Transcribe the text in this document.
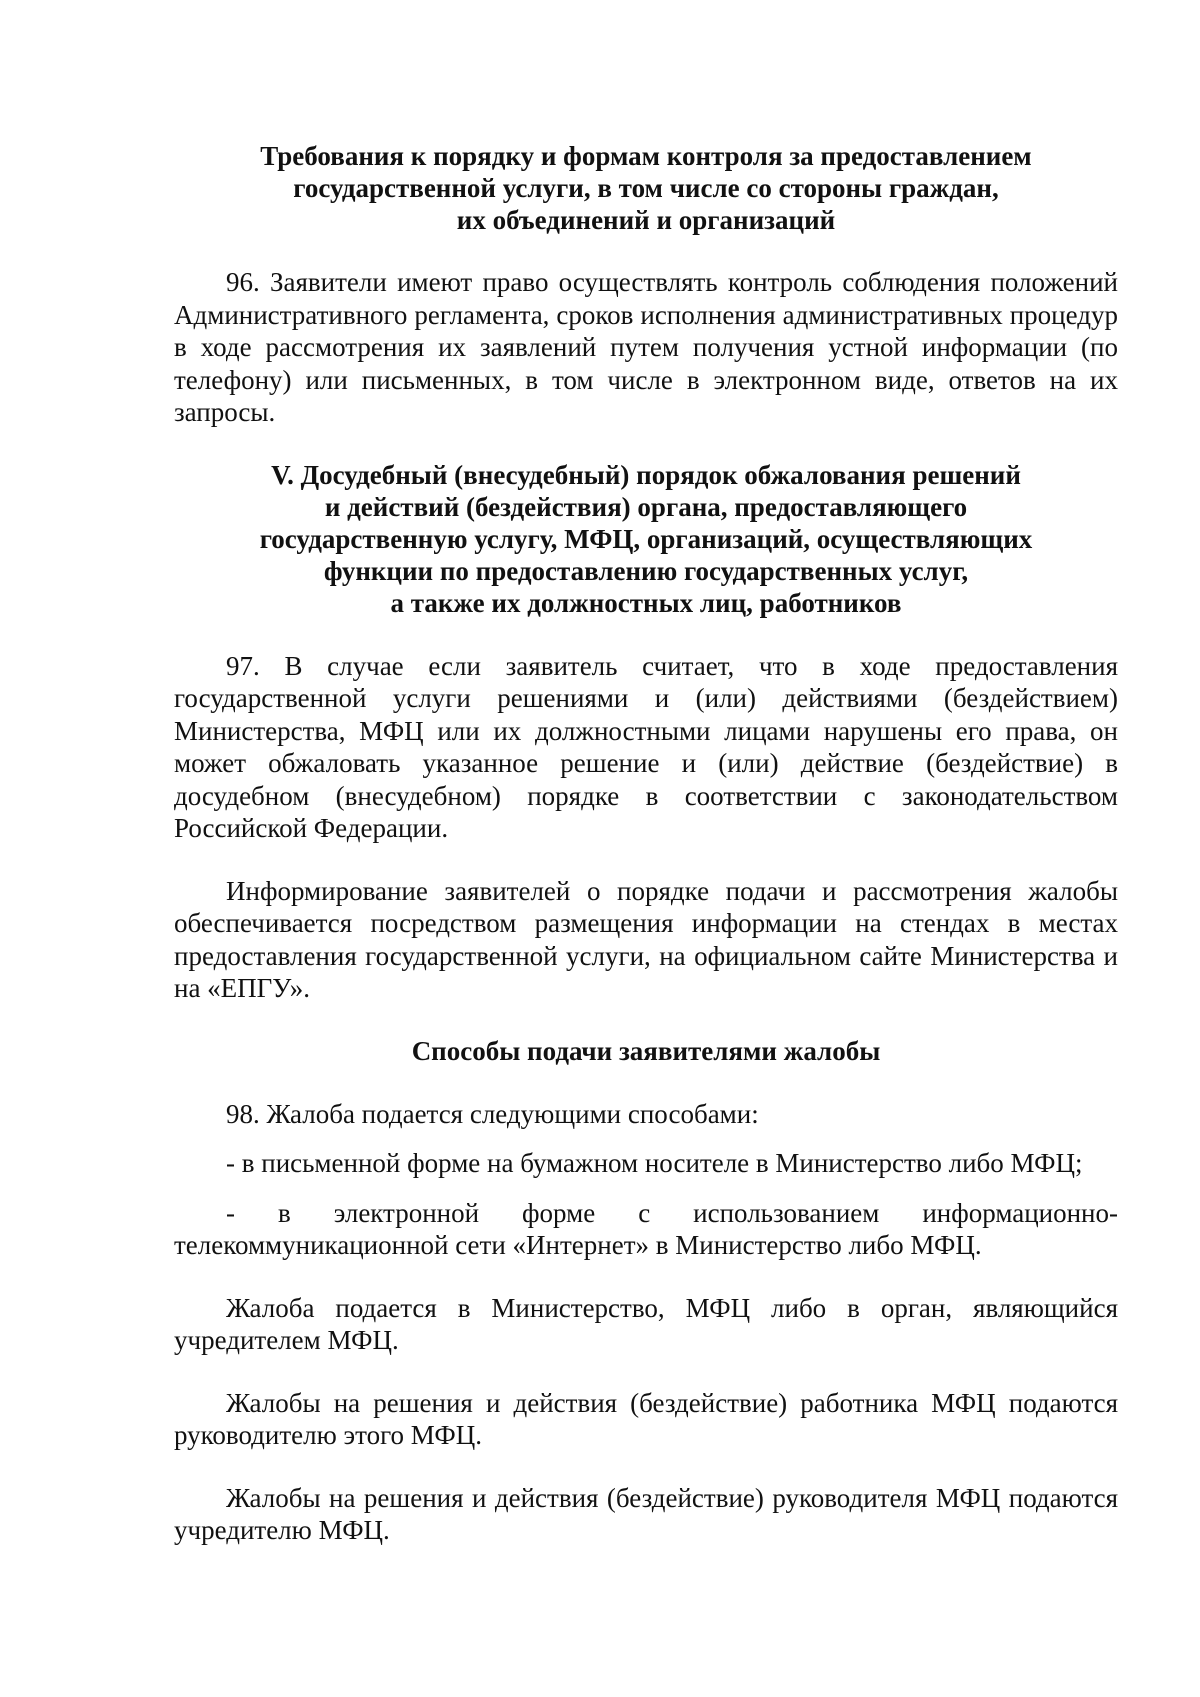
Требования к порядку и формам контроля за предоставлением
государственной услуги, в том числе со стороны граждан,
их объединений и организаций

96. Заявители имеют право осуществлять контроль соблюдения положений Административного регламента, сроков исполнения административных процедур в ходе рассмотрения их заявлений путем получения устной информации (по телефону) или письменных, в том числе в электронном виде, ответов на их запросы.

V. Досудебный (внесудебный) порядок обжалования решений
и действий (бездействия) органа, предоставляющего
государственную услугу, МФЦ, организаций, осуществляющих
функции по предоставлению государственных услуг,
а также их должностных лиц, работников

97. В случае если заявитель считает, что в ходе предоставления государственной услуги решениями и (или) действиями (бездействием) Министерства, МФЦ или их должностными лицами нарушены его права, он может обжаловать указанное решение и (или) действие (бездействие) в досудебном (внесудебном) порядке в соответствии с законодательством Российской Федерации.

Информирование заявителей о порядке подачи и рассмотрения жалобы обеспечивается посредством размещения информации на стендах в местах предоставления государственной услуги, на официальном сайте Министерства и на «ЕПГУ».

Способы подачи заявителями жалобы

98. Жалоба подается следующими способами:

- в письменной форме на бумажном носителе в Министерство либо МФЦ;

- в электронной форме с использованием информационно-телекоммуникационной сети «Интернет» в Министерство либо МФЦ.

Жалоба подается в Министерство, МФЦ либо в орган, являющийся учредителем МФЦ.

Жалобы на решения и действия (бездействие) работника МФЦ подаются руководителю этого МФЦ.

Жалобы на решения и действия (бездействие) руководителя МФЦ подаются учредителю МФЦ.
